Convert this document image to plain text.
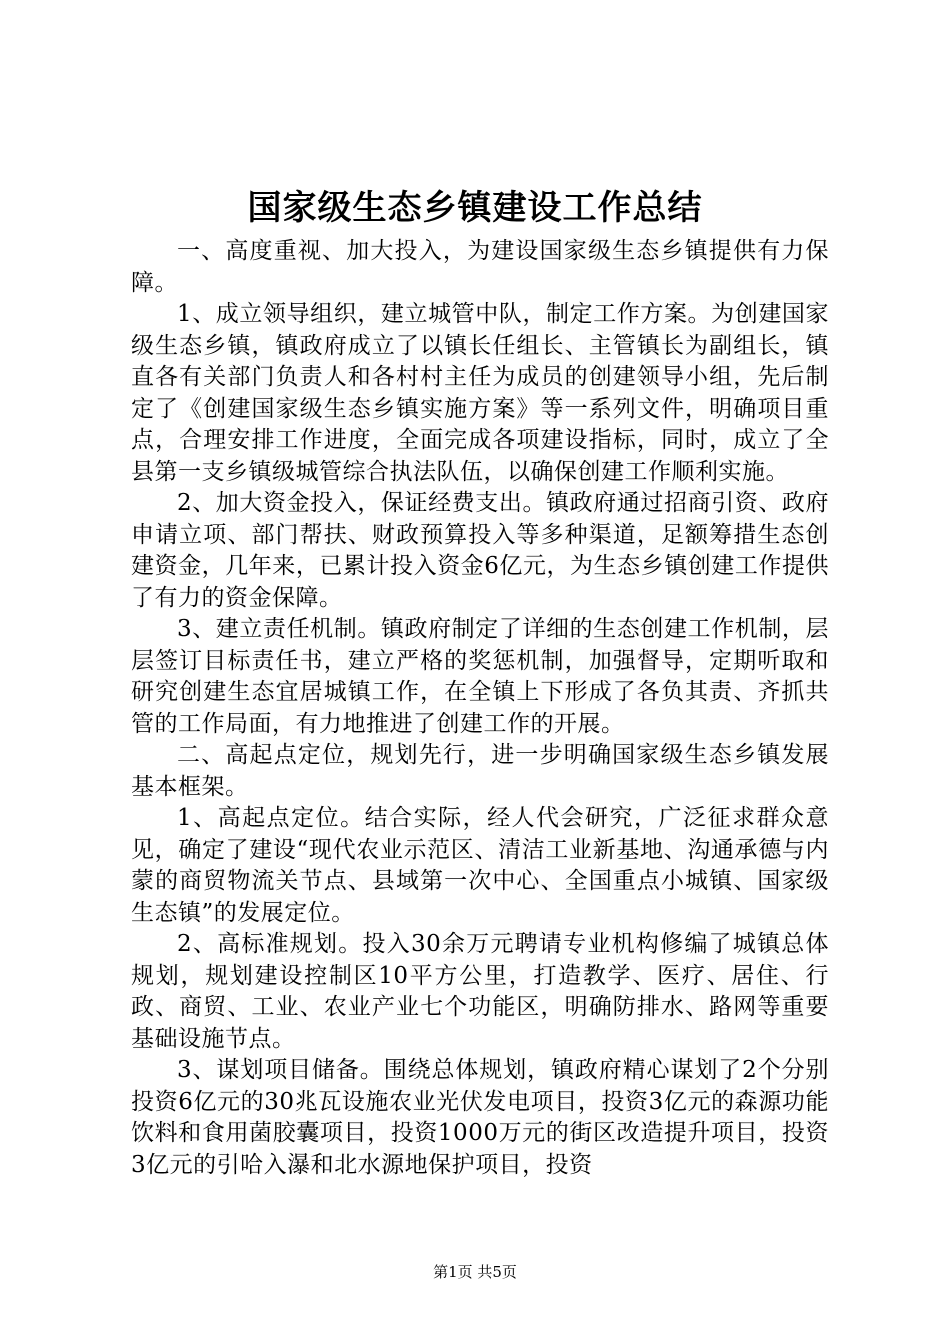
国家级生态乡镇建设工作总结

一、高度重视、加大投入，为建设国家级生态乡镇提供有力保障。

1、成立领导组织，建立城管中队，制定工作方案。为创建国家级生态乡镇，镇政府成立了以镇长任组长、主管镇长为副组长，镇直各有关部门负责人和各村村主任为成员的创建领导小组，先后制定了《创建国家级生态乡镇实施方案》等一系列文件，明确项目重点，合理安排工作进度，全面完成各项建设指标，同时，成立了全县第一支乡镇级城管综合执法队伍，以确保创建工作顺利实施。

2、加大资金投入，保证经费支出。镇政府通过招商引资、政府申请立项、部门帮扶、财政预算投入等多种渠道，足额筹措生态创建资金，几年来，已累计投入资金6亿元，为生态乡镇创建工作提供了有力的资金保障。

3、建立责任机制。镇政府制定了详细的生态创建工作机制，层层签订目标责任书，建立严格的奖惩机制，加强督导，定期听取和研究创建生态宜居城镇工作，在全镇上下形成了各负其责、齐抓共管的工作局面，有力地推进了创建工作的开展。

二、高起点定位，规划先行，进一步明确国家级生态乡镇发展基本框架。

1、高起点定位。结合实际，经人代会研究，广泛征求群众意见，确定了建设“现代农业示范区、清洁工业新基地、沟通承德与内蒙的商贸物流关节点、县域第一次中心、全国重点小城镇、国家级生态镇”的发展定位。

2、高标准规划。投入30余万元聘请专业机构修编了城镇总体规划，规划建设控制区10平方公里，打造教学、医疗、居住、行政、商贸、工业、农业产业七个功能区，明确防排水、路网等重要基础设施节点。

3、谋划项目储备。围绕总体规划，镇政府精心谋划了2个分别投资6亿元的30兆瓦设施农业光伏发电项目，投资3亿元的森源功能饮料和食用菌胶囊项目，投资1000万元的街区改造提升项目，投资3亿元的引哈入瀑和北水源地保护项目，投资

第1页 共5页
